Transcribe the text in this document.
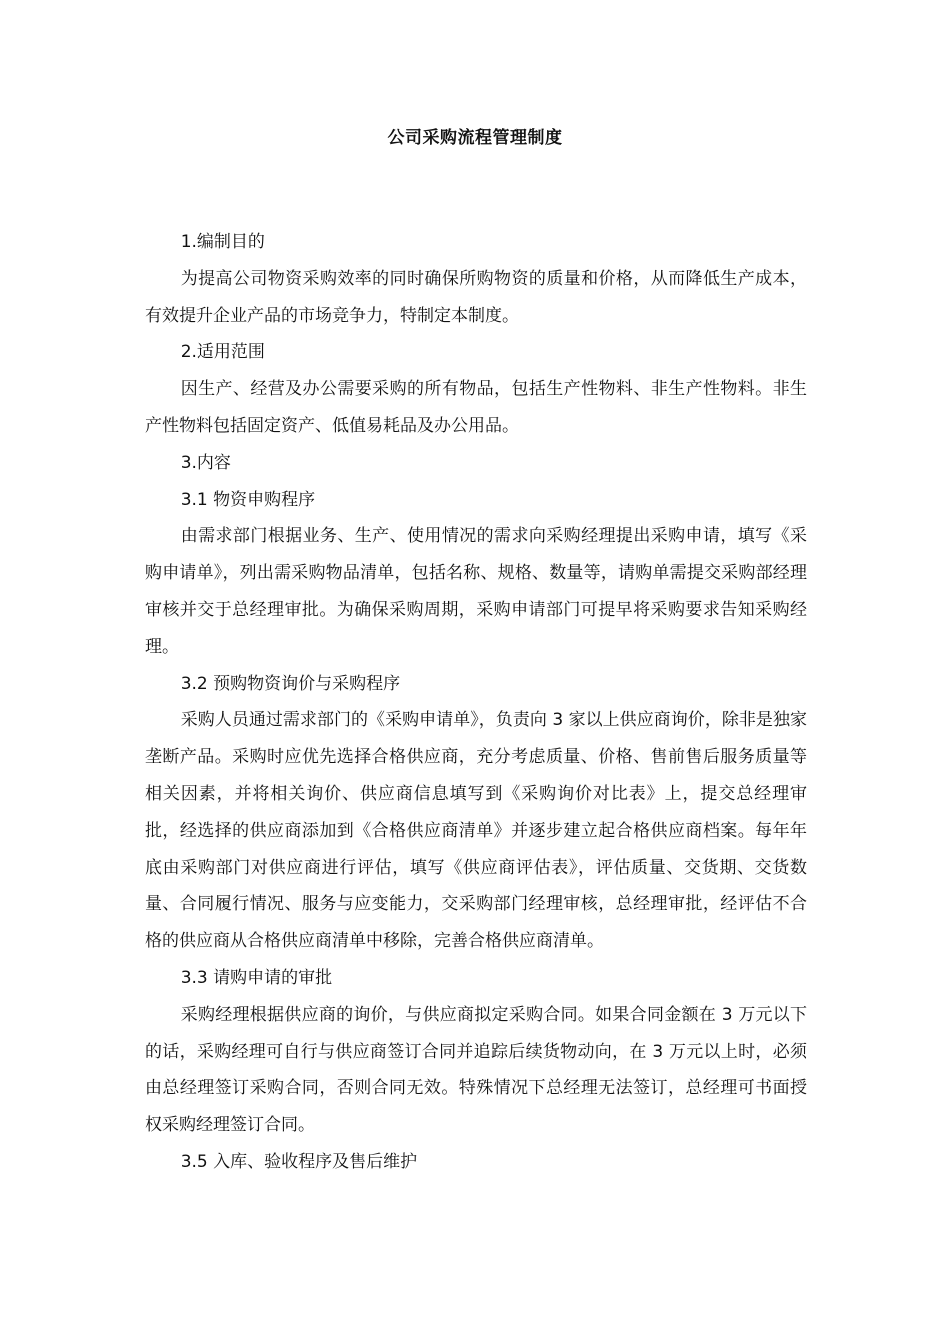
公司采购流程管理制度

1.编制目的

为提高公司物资采购效率的同时确保所购物资的质量和价格，从而降低生产成本，有效提升企业产品的市场竞争力，特制定本制度。

2.适用范围

因生产、经营及办公需要采购的所有物品，包括生产性物料、非生产性物料。非生产性物料包括固定资产、低值易耗品及办公用品。

3.内容

3.1 物资申购程序

由需求部门根据业务、生产、使用情况的需求向采购经理提出采购申请，填写《采购申请单》，列出需采购物品清单，包括名称、规格、数量等，请购单需提交采购部经理审核并交于总经理审批。为确保采购周期，采购申请部门可提早将采购要求告知采购经理。

3.2 预购物资询价与采购程序

采购人员通过需求部门的《采购申请单》，负责向 3 家以上供应商询价，除非是独家垄断产品。采购时应优先选择合格供应商，充分考虑质量、价格、售前售后服务质量等相关因素，并将相关询价、供应商信息填写到《采购询价对比表》上，提交总经理审批，经选择的供应商添加到《合格供应商清单》并逐步建立起合格供应商档案。每年年底由采购部门对供应商进行评估，填写《供应商评估表》，评估质量、交货期、交货数量、合同履行情况、服务与应变能力，交采购部门经理审核，总经理审批，经评估不合格的供应商从合格供应商清单中移除，完善合格供应商清单。

3.3 请购申请的审批

采购经理根据供应商的询价，与供应商拟定采购合同。如果合同金额在 3 万元以下的话，采购经理可自行与供应商签订合同并追踪后续货物动向，在 3 万元以上时，必须由总经理签订采购合同，否则合同无效。特殊情况下总经理无法签订，总经理可书面授权采购经理签订合同。

3.5 入库、验收程序及售后维护
